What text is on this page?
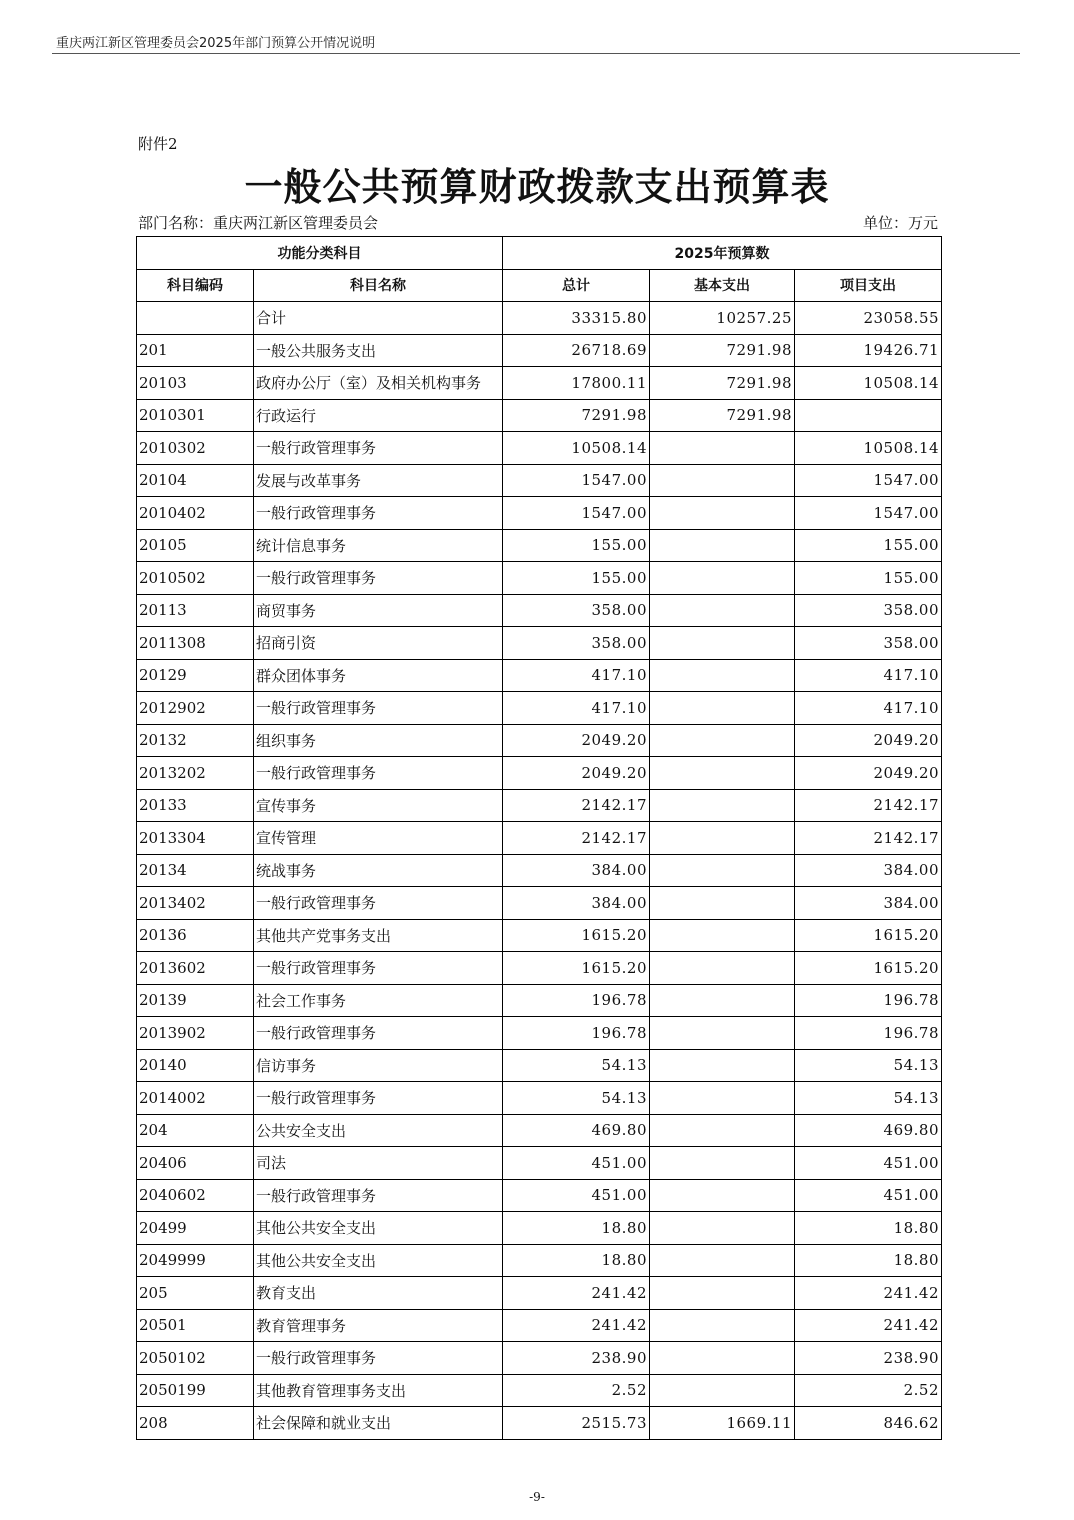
重庆两江新区管理委员会2025年部门预算公开情况说明
附件2
一般公共预算财政拨款支出预算表
部门名称：重庆两江新区管理委员会	单位：万元
功能分类科目		2025年预算数		
科目编码	科目名称	总计	基本支出	项目支出
	合计	33315.80	10257.25	23058.55
201	一般公共服务支出	26718.69	7291.98	19426.71
20103	政府办公厅（室）及相关机构事务	17800.11	7291.98	10508.14
2010301	行政运行	7291.98	7291.98	
2010302	一般行政管理事务	10508.14		10508.14
20104	发展与改革事务	1547.00		1547.00
2010402	一般行政管理事务	1547.00		1547.00
20105	统计信息事务	155.00		155.00
2010502	一般行政管理事务	155.00		155.00
20113	商贸事务	358.00		358.00
2011308	招商引资	358.00		358.00
20129	群众团体事务	417.10		417.10
2012902	一般行政管理事务	417.10		417.10
20132	组织事务	2049.20		2049.20
2013202	一般行政管理事务	2049.20		2049.20
20133	宣传事务	2142.17		2142.17
2013304	宣传管理	2142.17		2142.17
20134	统战事务	384.00		384.00
2013402	一般行政管理事务	384.00		384.00
20136	其他共产党事务支出	1615.20		1615.20
2013602	一般行政管理事务	1615.20		1615.20
20139	社会工作事务	196.78		196.78
2013902	一般行政管理事务	196.78		196.78
20140	信访事务	54.13		54.13
2014002	一般行政管理事务	54.13		54.13
204	公共安全支出	469.80		469.80
20406	司法	451.00		451.00
2040602	一般行政管理事务	451.00		451.00
20499	其他公共安全支出	18.80		18.80
2049999	其他公共安全支出	18.80		18.80
205	教育支出	241.42		241.42
20501	教育管理事务	241.42		241.42
2050102	一般行政管理事务	238.90		238.90
2050199	其他教育管理事务支出	2.52		2.52
208	社会保障和就业支出	2515.73	1669.11	846.62
-9-
